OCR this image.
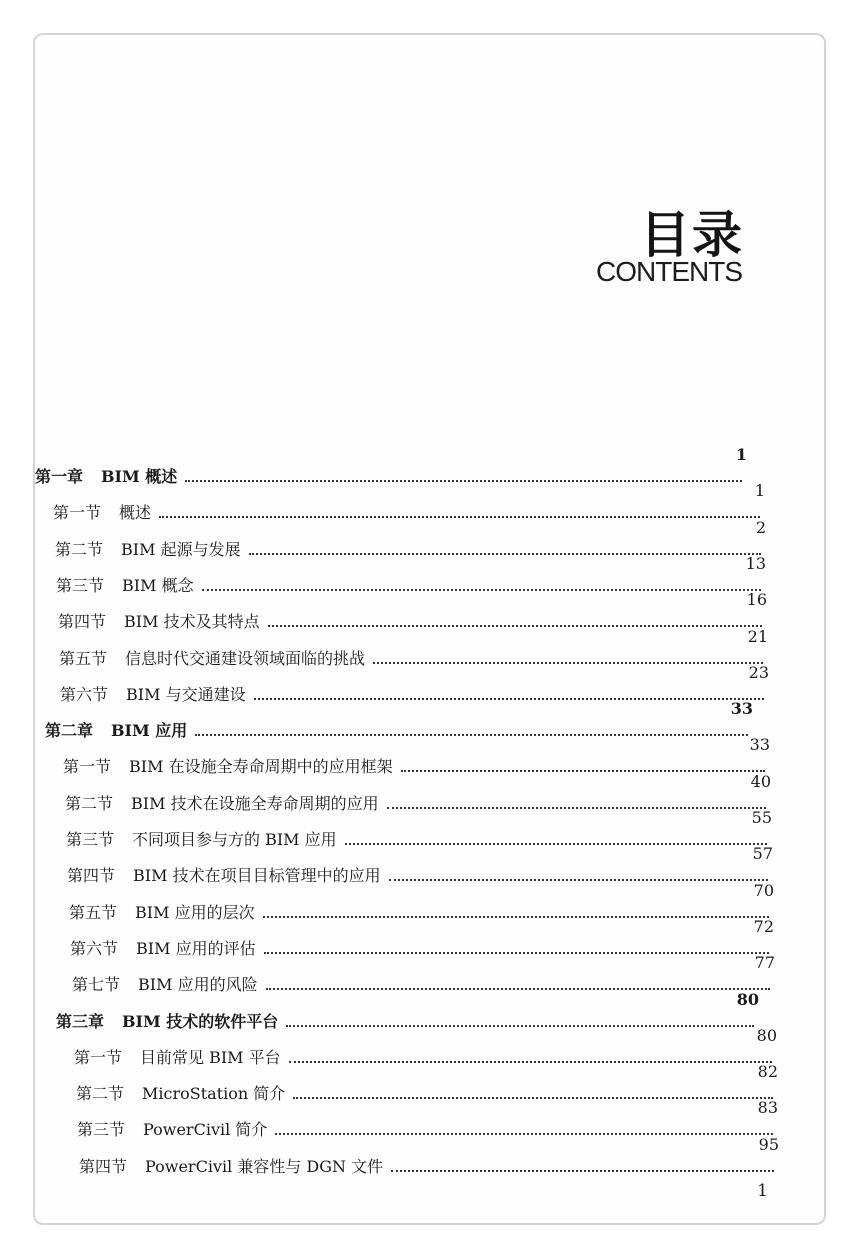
目录
CONTENTS
第一章 BIM 概述
1
第一节 概述
1
第二节 BIM 起源与发展
2
第三节 BIM 概念
13
第四节 BIM 技术及其特点
16
第五节 信息时代交通建设领域面临的挑战
21
第六节 BIM 与交通建设
23
第二章 BIM 应用
33
第一节 BIM 在设施全寿命周期中的应用框架
33
第二节 BIM 技术在设施全寿命周期的应用
40
第三节 不同项目参与方的 BIM 应用
55
第四节 BIM 技术在项目目标管理中的应用
57
第五节 BIM 应用的层次
70
第六节 BIM 应用的评估
72
第七节 BIM 应用的风险
77
第三章 BIM 技术的软件平台
80
第一节 目前常见 BIM 平台
80
第二节 MicroStation 简介
82
第三节 PowerCivil 简介
83
第四节 PowerCivil 兼容性与 DGN 文件
95
1
